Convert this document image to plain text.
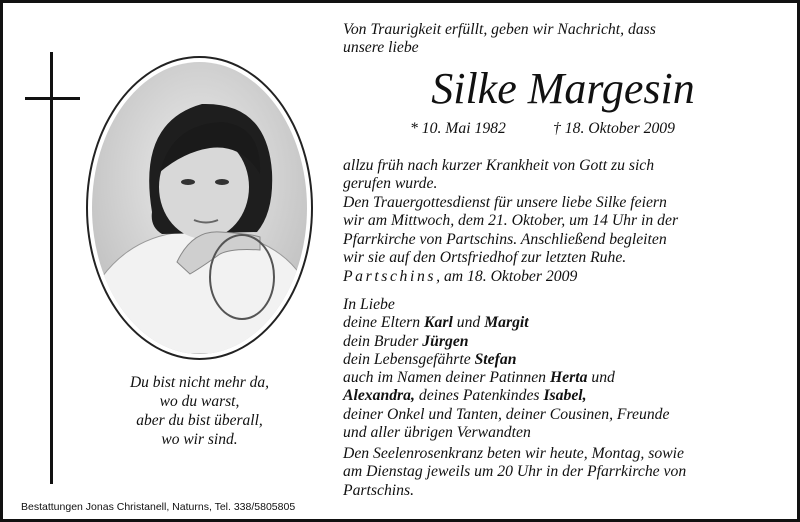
Du bist nicht mehr da,
wo du warst,
aber du bist überall,
wo wir sind.
Bestattungen Jonas Christanell, Naturns, Tel. 338/5805805
Von Traurigkeit erfüllt, geben wir Nachricht, dass
unsere liebe
Silke Margesin
* 10. Mai 1982	† 18. Oktober 2009
allzu früh nach kurzer Krankheit von Gott zu sich
gerufen wurde.
Den Trauergottesdienst für unsere liebe Silke feiern
wir am Mittwoch, dem 21. Oktober, um 14 Uhr in der
Pfarrkirche von Partschins. Anschließend begleiten
wir sie auf den Ortsfriedhof zur letzten Ruhe.
Partschins, am 18. Oktober 2009
In Liebe
deine Eltern Karl und Margit
dein Bruder Jürgen
dein Lebensgefährte Stefan
auch im Namen deiner Patinnen Herta und
Alexandra, deines Patenkindes Isabel,
deiner Onkel und Tanten, deiner Cousinen, Freunde
und aller übrigen Verwandten
Den Seelenrosenkranz beten wir heute, Montag, sowie
am Dienstag jeweils um 20 Uhr in der Pfarrkirche von
Partschins.
